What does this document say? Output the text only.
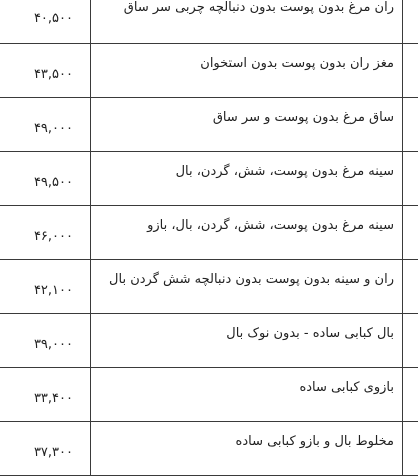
۴۰,۵۰۰
ران مرغ بدون پوست بدون دنبالچه چربی سر ساق
۴۳,۵۰۰
مغز ران بدون پوست بدون استخوان
۴۹,۰۰۰
ساق مرغ بدون پوست و سر ساق
۴۹,۵۰۰
سینه مرغ بدون پوست، شش، گردن، بال
۴۶,۰۰۰
سینه مرغ بدون پوست، شش، گردن، بال، بازو
۴۲,۱۰۰
ران و سینه بدون پوست بدون دنبالچه شش گردن بال
۳۹,۰۰۰
بال کبابی ساده - بدون نوک بال
۳۳,۴۰۰
بازوی کبابی ساده
۳۷,۳۰۰
مخلوط بال و بازو کبابی ساده
